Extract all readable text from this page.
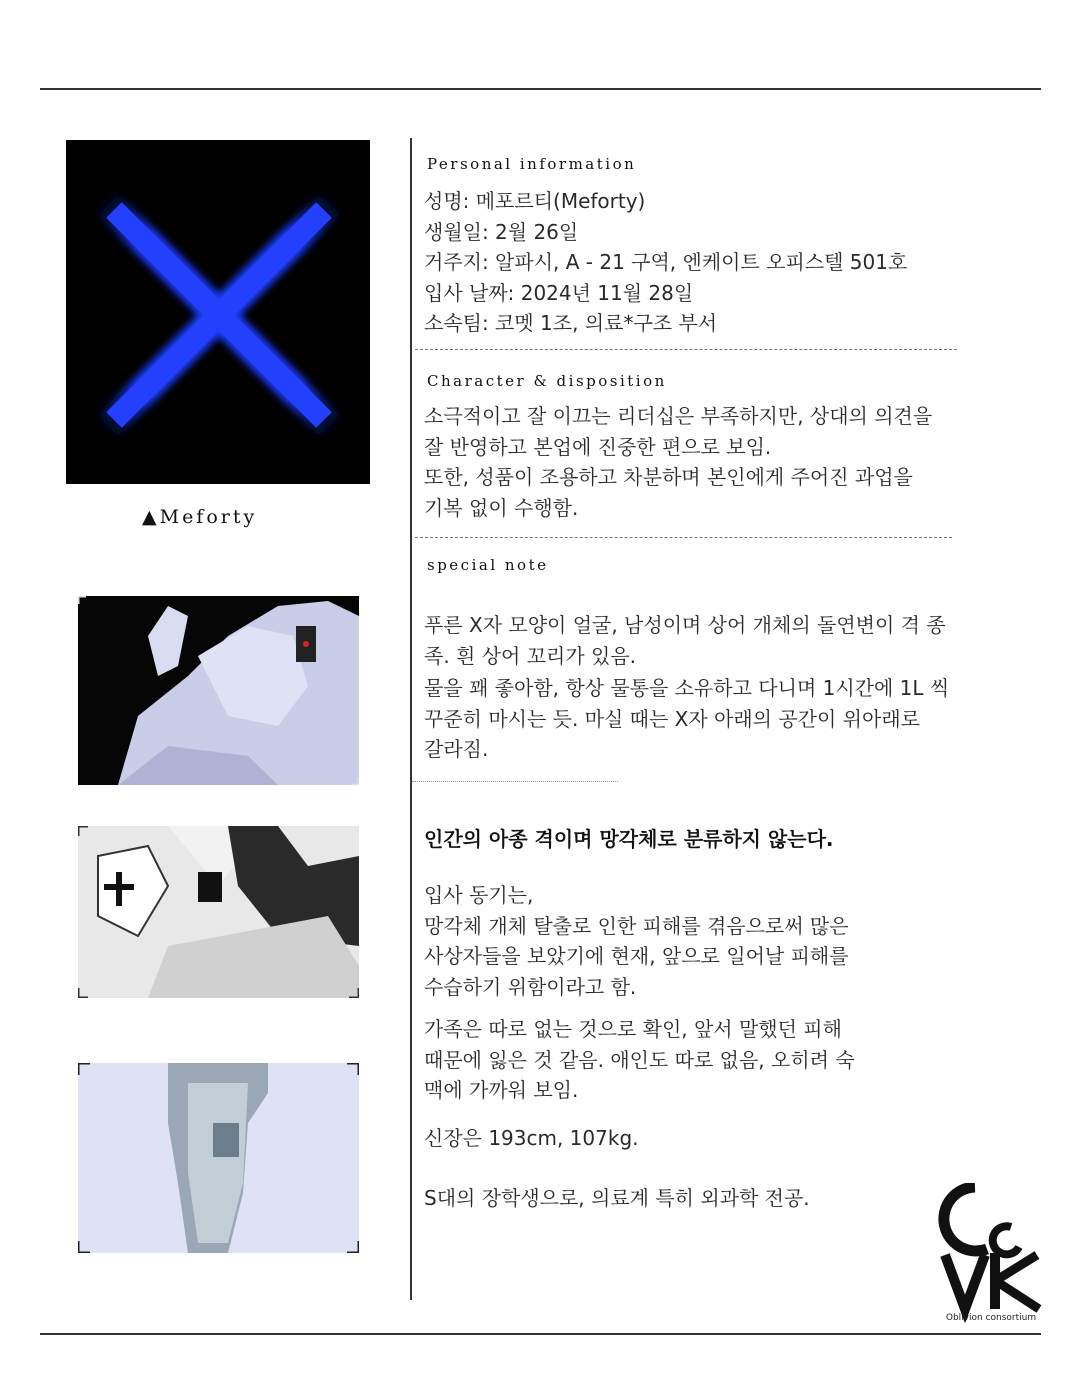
▲Meforty
Personal information
성명: 메포르티(Meforty)
생월일: 2월 26일
거주지: 알파시, A - 21 구역, 엔케이트 오피스텔 501호
입사 날짜: 2024년 11월 28일
소속팀: 코멧 1조, 의료*구조 부서
Character & disposition
소극적이고 잘 이끄는 리더십은 부족하지만, 상대의 의견을
잘 반영하고 본업에 진중한 편으로 보임.
또한, 성품이 조용하고 차분하며 본인에게 주어진 과업을
기복 없이 수행함.
special note
푸른 X자 모양이 얼굴, 남성이며 상어 개체의 돌연변이 격 종
족. 흰 상어 꼬리가 있음.
물을 꽤 좋아함, 항상 물통을 소유하고 다니며 1시간에 1L 씩
꾸준히 마시는 듯. 마실 때는 X자 아래의 공간이 위아래로
갈라짐.
인간의 아종 격이며 망각체로 분류하지 않는다.
입사 동기는,
망각체 개체 탈출로 인한 피해를 겪음으로써 많은
사상자들을 보았기에 현재, 앞으로 일어날 피해를
수습하기 위함이라고 함.
가족은 따로 없는 것으로 확인, 앞서 말했던 피해
때문에 잃은 것 같음. 애인도 따로 없음, 오히려 숙
맥에 가까워 보임.
신장은 193cm, 107kg.
S대의 장학생으로, 의료계 특히 외과학 전공.
Oblivion consortium
